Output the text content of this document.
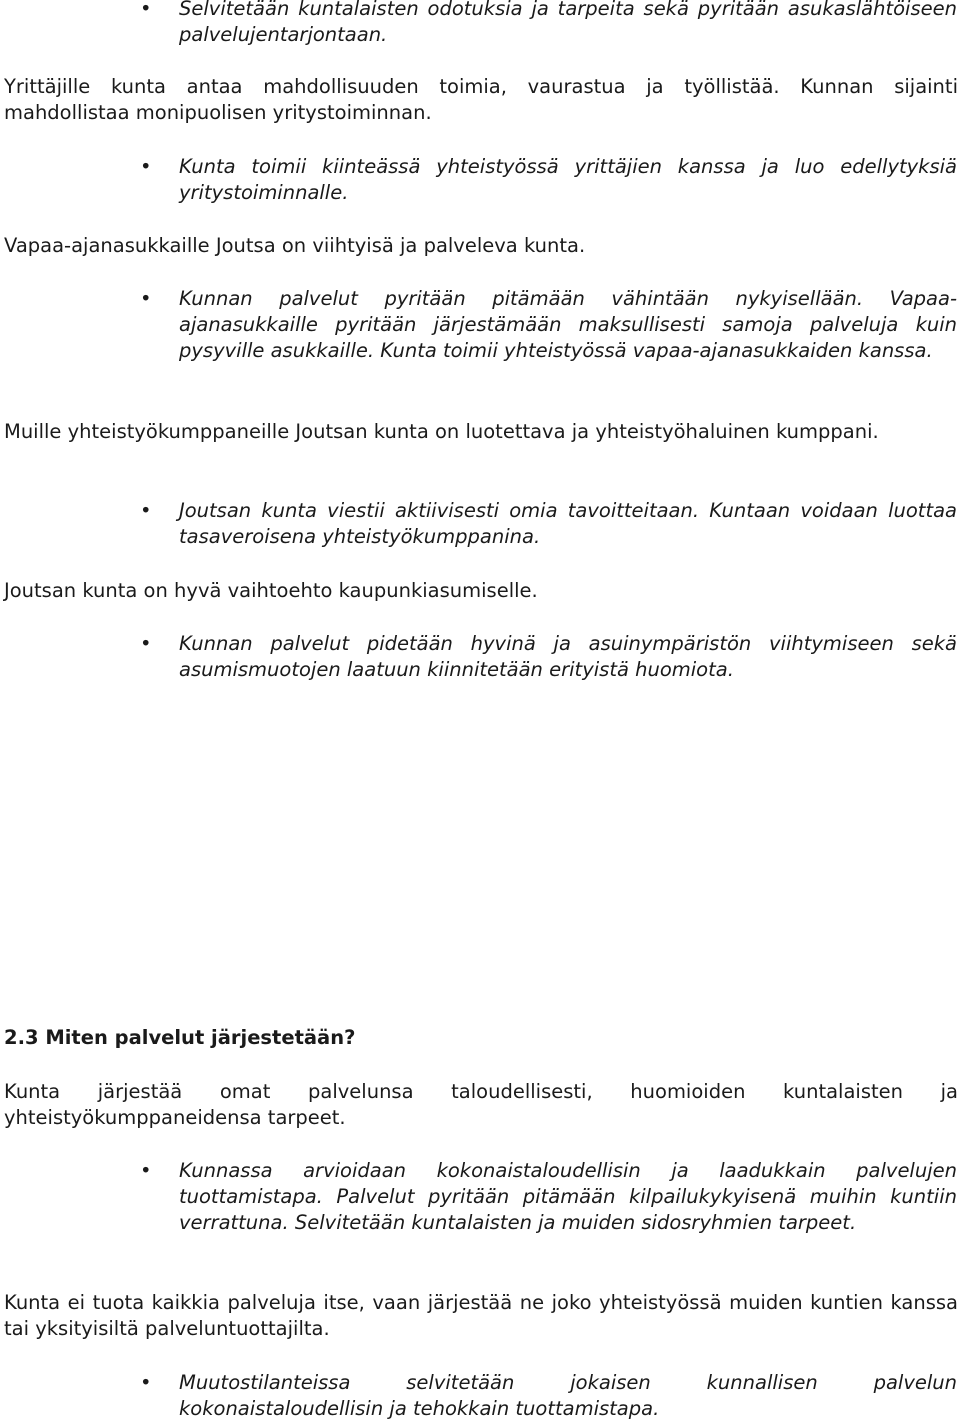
• Selvitetään kuntalaisten odotuksia ja tarpeita sekä pyritään asukaslähtöiseen palvelujentarjontaan.

Yrittäjille kunta antaa mahdollisuuden toimia, vaurastua ja työllistää. Kunnan sijainti mahdollistaa monipuolisen yritystoiminnan.

• Kunta toimii kiinteässä yhteistyössä yrittäjien kanssa ja luo edellytyksiä yritystoiminnalle.

Vapaa-ajanasukkaille Joutsa on viihtyisä ja palveleva kunta.

• Kunnan palvelut pyritään pitämään vähintään nykyisellään. Vapaa-ajanasukkaille pyritään järjestämään maksullisesti samoja palveluja kuin pysyville asukkaille. Kunta toimii yhteistyössä vapaa-ajanasukkaiden kanssa.

Muille yhteistyökumppaneille Joutsan kunta on luotettava ja yhteistyöhaluinen kumppani.

• Joutsan kunta viestii aktiivisesti omia tavoitteitaan. Kuntaan voidaan luottaa tasaveroisena yhteistyökumppanina.

Joutsan kunta on hyvä vaihtoehto kaupunkiasumiselle.

• Kunnan palvelut pidetään hyvinä ja asuinympäristön viihtymiseen sekä asumismuotojen laatuun kiinnitetään erityistä huomiota.

2.3 Miten palvelut järjestetään?

Kunta järjestää omat palvelunsa taloudellisesti, huomioiden kuntalaisten ja yhteistyökumppaneidensa tarpeet.

• Kunnassa arvioidaan kokonaistaloudellisin ja laadukkain palvelujen tuottamistapa. Palvelut pyritään pitämään kilpailukykyisenä muihin kuntiin verrattuna. Selvitetään kuntalaisten ja muiden sidosryhmien tarpeet.

Kunta ei tuota kaikkia palveluja itse, vaan järjestää ne joko yhteistyössä muiden kuntien kanssa tai yksityisiltä palveluntuottajilta.

• Muutostilanteissa selvitetään jokaisen kunnallisen palvelun kokonaistaloudellisin ja tehokkain tuottamistapa.
